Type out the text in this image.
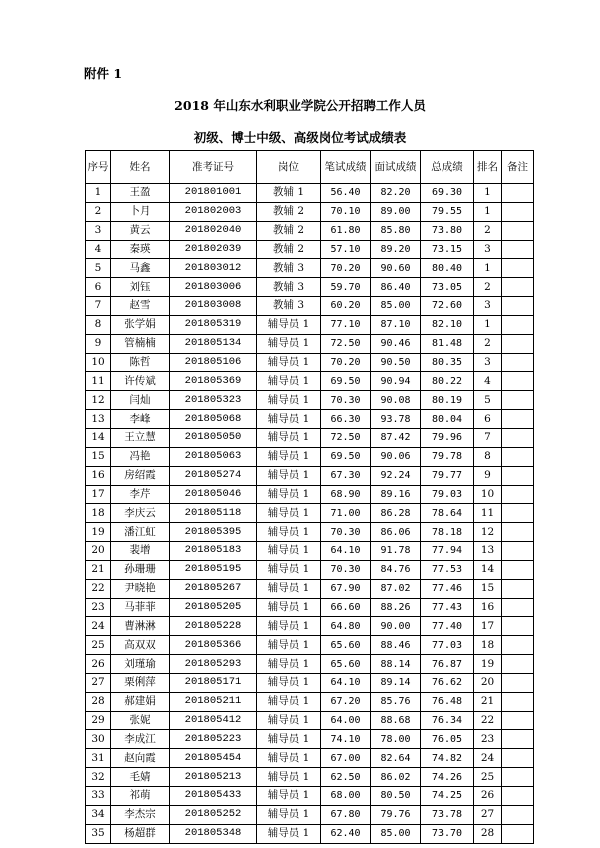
附件 1
2018 年山东水利职业学院公开招聘工作人员
初级、博士中级、高级岗位考试成绩表
序号	姓名	准考证号	岗位	笔试成绩	面试成绩	总成绩	排名	备注
1	王盈	201801001	教辅 1	56.40	82.20	69.30	1	
2	卜月	201802003	教辅 2	70.10	89.00	79.55	1	
3	黄云	201802040	教辅 2	61.80	85.80	73.80	2	
4	秦瑛	201802039	教辅 2	57.10	89.20	73.15	3	
5	马鑫	201803012	教辅 3	70.20	90.60	80.40	1	
6	刘钰	201803006	教辅 3	59.70	86.40	73.05	2	
7	赵雪	201803008	教辅 3	60.20	85.00	72.60	3	
8	张学娟	201805319	辅导员 1	77.10	87.10	82.10	1	
9	管楠楠	201805134	辅导员 1	72.50	90.46	81.48	2	
10	陈哲	201805106	辅导员 1	70.20	90.50	80.35	3	
11	许传斌	201805369	辅导员 1	69.50	90.94	80.22	4	
12	闫灿	201805323	辅导员 1	70.30	90.08	80.19	5	
13	李峰	201805068	辅导员 1	66.30	93.78	80.04	6	
14	王立慧	201805050	辅导员 1	72.50	87.42	79.96	7	
15	冯艳	201805063	辅导员 1	69.50	90.06	79.78	8	
16	房绍霞	201805274	辅导员 1	67.30	92.24	79.77	9	
17	李芹	201805046	辅导员 1	68.90	89.16	79.03	10	
18	李庆云	201805118	辅导员 1	71.00	86.28	78.64	11	
19	潘江虹	201805395	辅导员 1	70.30	86.06	78.18	12	
20	裴增	201805183	辅导员 1	64.10	91.78	77.94	13	
21	孙珊珊	201805195	辅导员 1	70.30	84.76	77.53	14	
22	尹晓艳	201805267	辅导员 1	67.90	87.02	77.46	15	
23	马菲菲	201805205	辅导员 1	66.60	88.26	77.43	16	
24	曹淋淋	201805228	辅导员 1	64.80	90.00	77.40	17	
25	高双双	201805366	辅导员 1	65.60	88.46	77.03	18	
26	刘瑾瑜	201805293	辅导员 1	65.60	88.14	76.87	19	
27	栗俐萍	201805171	辅导员 1	64.10	89.14	76.62	20	
28	郝建娟	201805211	辅导员 1	67.20	85.76	76.48	21	
29	张妮	201805412	辅导员 1	64.00	88.68	76.34	22	
30	李成江	201805223	辅导员 1	74.10	78.00	76.05	23	
31	赵向霞	201805454	辅导员 1	67.00	82.64	74.82	24	
32	毛婧	201805213	辅导员 1	62.50	86.02	74.26	25	
33	祁萌	201805433	辅导员 1	68.00	80.50	74.25	26	
34	李杰宗	201805252	辅导员 1	67.80	79.76	73.78	27	
35	杨超群	201805348	辅导员 1	62.40	85.00	73.70	28	
